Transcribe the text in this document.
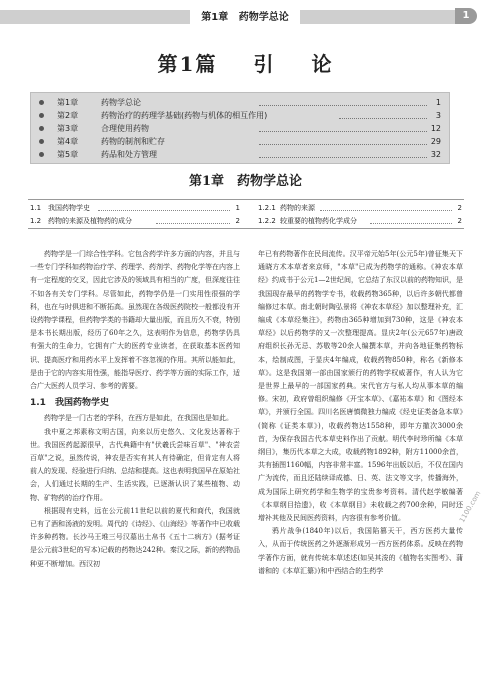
第1章 药物学总论	1
第1篇 引 论
第1章	药物学总论	1
第2章	药物治疗的药理学基础(药物与机体的相互作用)	3
第3章	合理使用药物	12
第4章	药物的制剂和贮存	29
第5章	药品和处方管理	32
第1章　药物学总论
1.1 我国药物学史	1
1.2 药物的来源及植物药的成分	2
1.2.1 药物的来源	2
1.2.2 较重要的植物药化学成分	2

药物学是一门综合性学科。它包含药学许多方面的内容，并且与一些专门学科如药物治疗学、药理学、药剂学、药物化学等在内容上有一定程度的交叉，因此它涉及的领域具有相当的广度，但深度往往不如各有关专门学科。尽管如此，药物学仍是一门实用性很强的学科，也在与时俱进和不断拓高。虽然现在各级医药院校一般都没有开设药物学课程，但药物学类的书籍却大量出版，而且历久不衰，特别是本书长期出版，经历了60年之久，这表明作为信息，药物学仍具有强大的生命力，它拥有广大的医药专业读者，在获取基本医药知识、提高医疗和用药水平上发挥着不容忽视的作用。其所以能如此，是由于它的内容实用性强，能指导医疗、药学等方面的实际工作，适合广大医药人员学习、参考的需要。

1.1　我国药物学史

药物学是一门古老的学科，在西方是如此，在我国也是如此。

我中夏之邦素称文明古国，向来以历史悠久、文化发达著称于世。我国医药起源很早，古代典籍中有"伏羲氏尝味百草"、"神农尝百草"之说，虽然传说，神农是否实有其人有待确定，但肯定有人将前人的发现、经验进行归纳、总结和提高。这也表明我国早在原始社会，人们通过长期的生产、生活实践，已逐渐认识了某些植物、动物、矿物药的治疗作用。

根据现有史料，远在公元前11世纪以前的夏代和商代，我国就已有了酒和汤液的发明。周代的《诗经》、《山海经》等著作中已收载许多种药物。长沙马王堆三号汉墓出土帛书《五十二病方》(据考证是公元前3世纪的写本)记载的药物达242种。秦汉之际，新的药物品种更不断增加。西汉初

年已有药物著作在民间流传。汉平帝元始5年(公元5年)曾征集天下通晓方术本草者来京师，"本草"已成为药物学的通称。《神农本草经》约成书于公元1—2世纪间，它总结了东汉以前的药物知识，是我国现存最早的药物学专书，收载药物365种，以后许多朝代都曾编修过本草。南北朝时陶弘景将《神农本草经》加以整理补充，汇编成《本草经集注》，药物由365种增加到730种，这是《神农本草经》以后药物学的又一次整理提高。显庆2年(公元657年)唐政府组织长孙无忌、苏敬等20余人编撰本草，并向各地征集药物标本，绘制成图，于显庆4年编成，收载药物850种，称名《新修本草》。这是我国第一部由国家颁行的药物学权威著作，有人认为它是世界上最早的一部国家药典。宋代官方与私人均从事本草的编修。宋初，政府曾组织编修《开宝本草》、《嘉祐本草》和《图经本草》，并颁行全国。四川名医唐慎微独力编成《经史证类备急本草》(简称《证类本草》)，收载药物达1558种，即年方撤次3000余首，为保存我国古代本草史料作出了贡献。明代李时珍所编《本草纲目》，集历代本草之大成，收载药物1892种，附方11000余首，共有插图1160幅，内容非常丰富。1596年出版以后，不仅在国内广为流传，而且还陆续译成德、日、英、法文等文字，传播海外，成为国际上研究药学和生物学的宝贵参考资料。清代赵学敏编著《本草纲目拾遗》，收《本草纲目》未收载之药700余种，同时还增补其他及民间医药资料，内容很有参考价值。

鸦片战争(1840年)以后，我国陷篡天干，西方医药大量传入，从而于传统医药之外逐渐形成另一西方医药体系。反映在药物学著作方面，就有传统本草述述(如吴其浚的《植物名实图考》、蒲谱和的《本草汇纂》)和中西结合的生药学

1100.com
